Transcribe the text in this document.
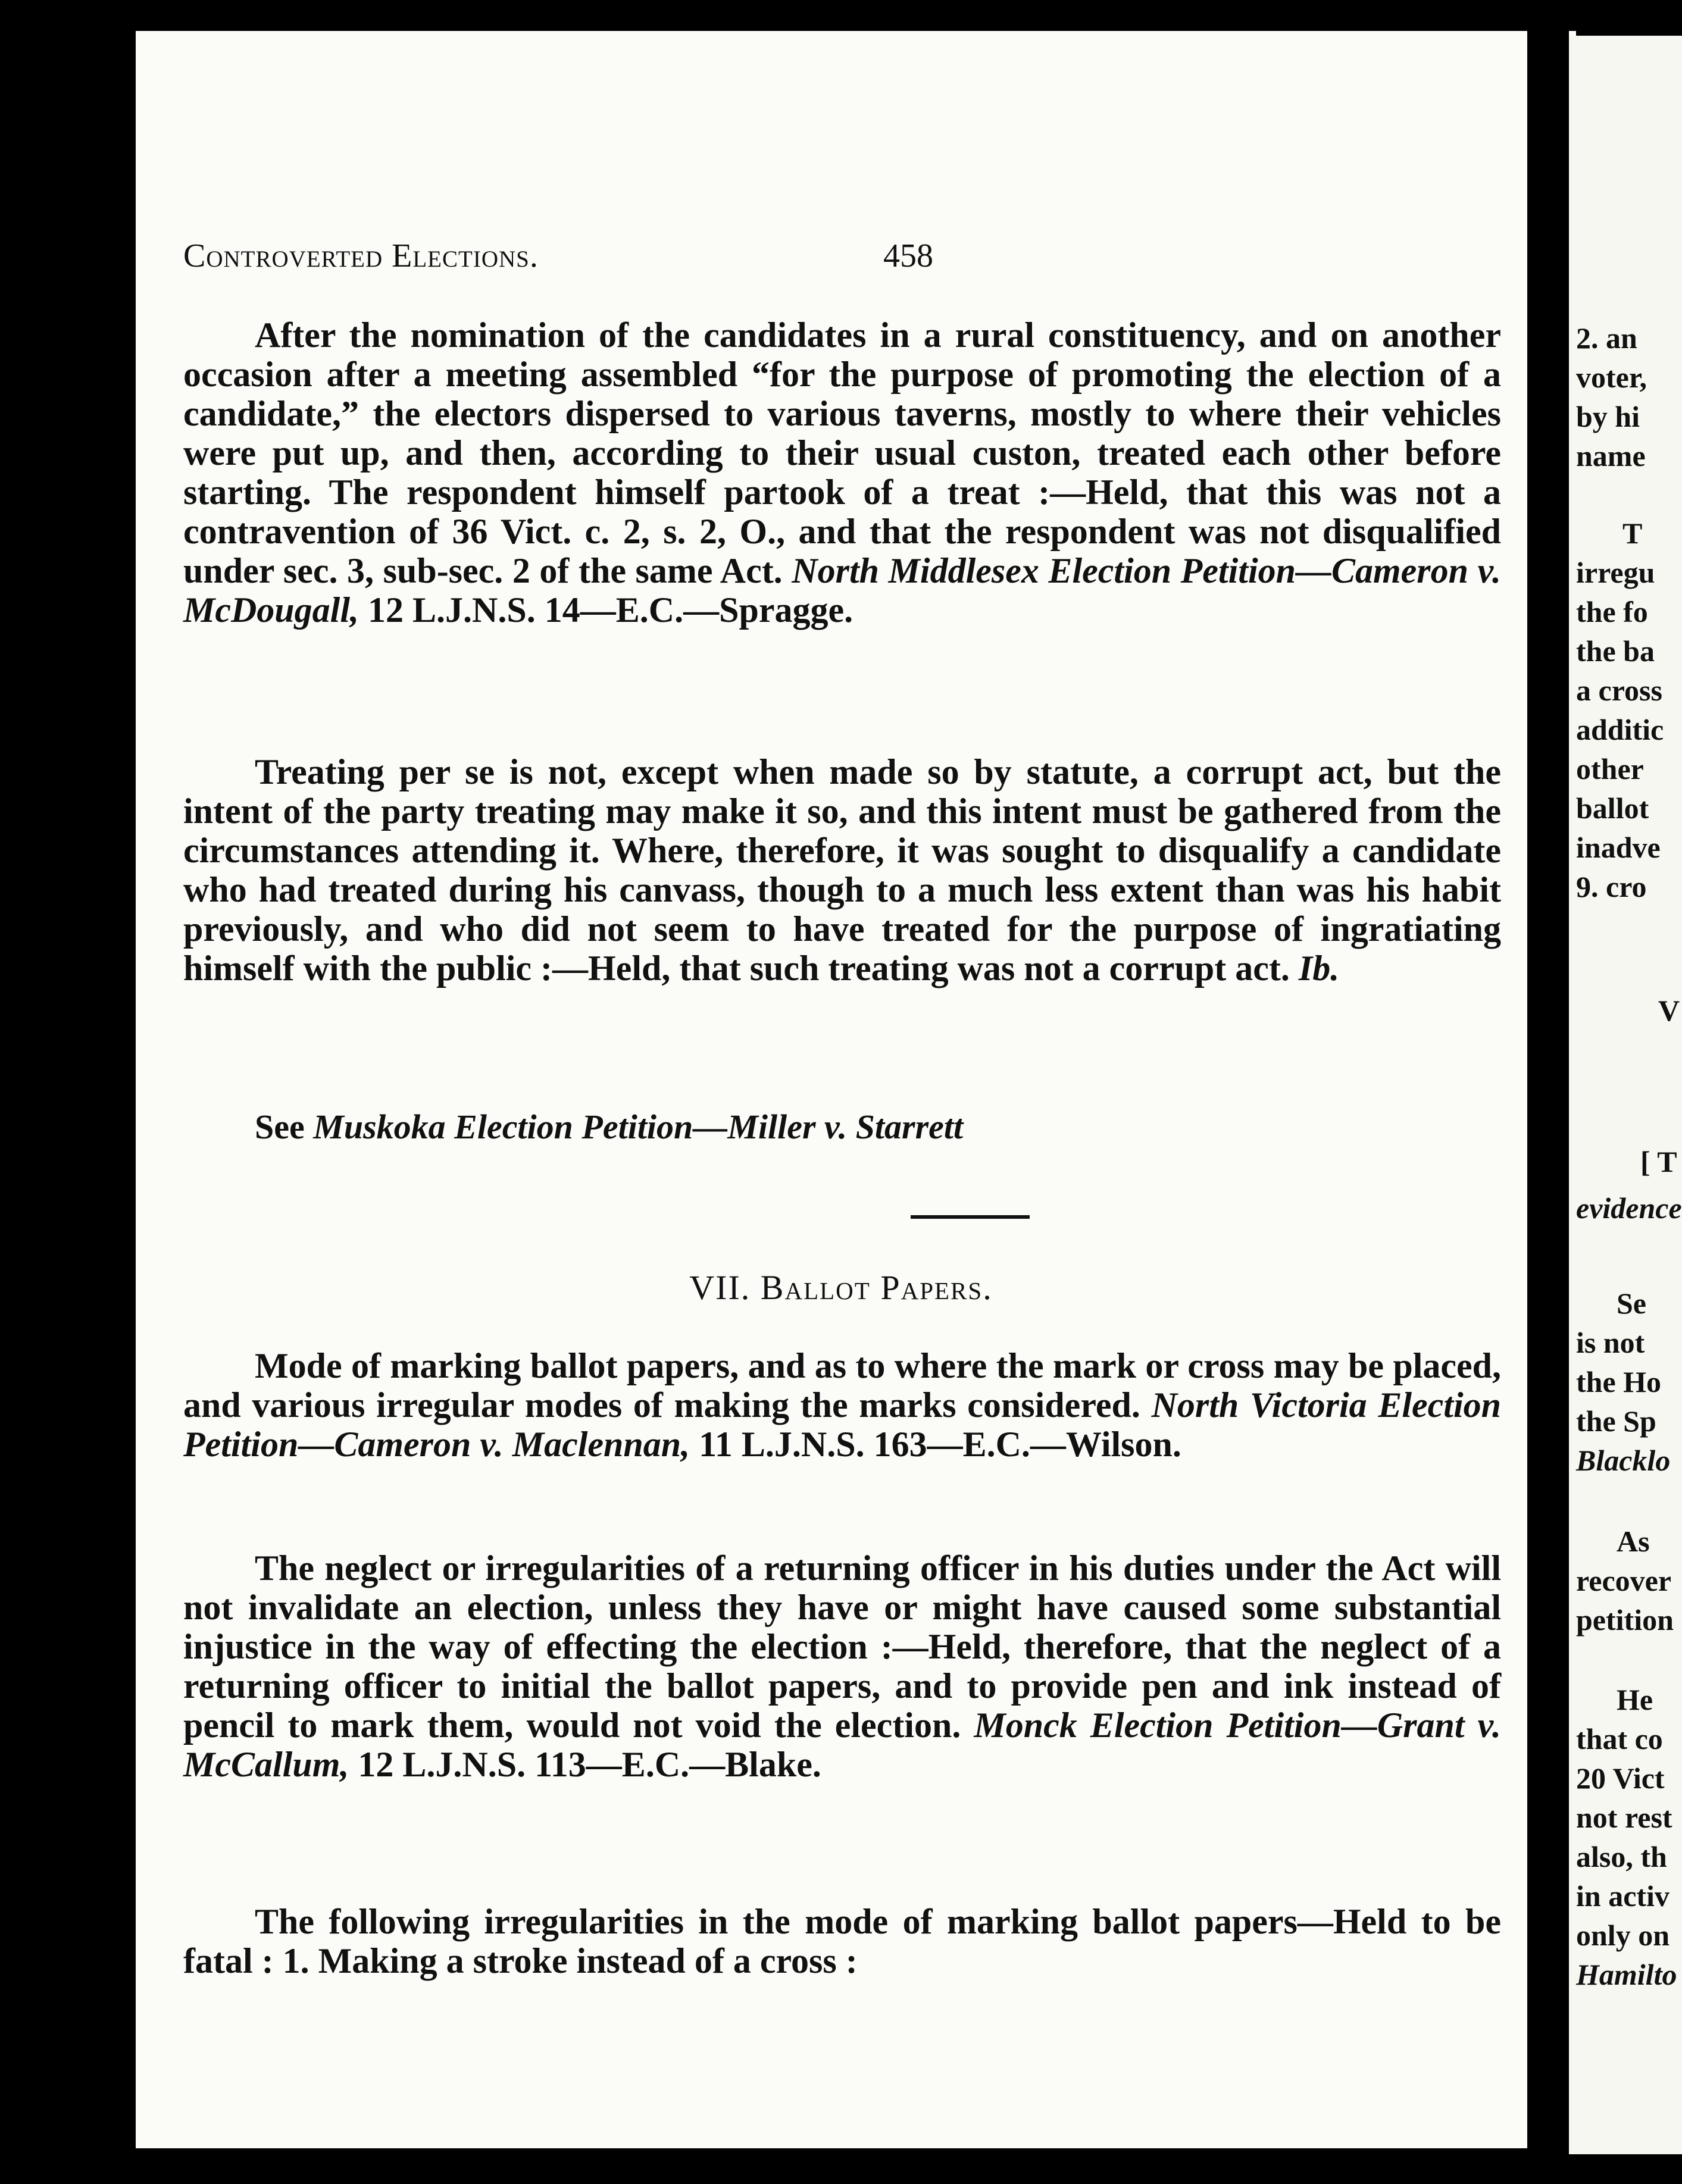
Controverted Elections.	458

After the nomination of the candidates in a rural constituency, and on another occasion after a meeting assembled “for the purpose of promoting the election of a candidate,” the electors dispersed to various taverns, mostly to where their vehicles were put up, and then, according to their usual custon, treated each other before starting. The respondent himself partook of a treat :—Held, that this was not a contravention of 36 Vict. c. 2, s. 2, O., and that the respondent was not disqualified under sec. 3, sub-sec. 2 of the same Act. North Middlesex Election Petition—Cameron v. McDougall, 12 L.J.N.S. 14—E.C.—Spragge.

Treating per se is not, except when made so by statute, a corrupt act, but the intent of the party treating may make it so, and this intent must be gathered from the circumstances attending it. Where, therefore, it was sought to disqualify a candidate who had treated during his canvass, though to a much less extent than was his habit previously, and who did not seem to have treated for the purpose of ingratiating himself with the public :—Held, that such treating was not a corrupt act. Ib.

See Muskoka Election Petition—Miller v. Starrett
VII. Ballot Papers.

Mode of marking ballot papers, and as to where the mark or cross may be placed, and various irregular modes of making the marks considered. North Victoria Election Petition—Cameron v. Maclennan, 11 L.J.N.S. 163—E.C.—Wilson.

The neglect or irregularities of a returning officer in his duties under the Act will not invalidate an election, unless they have or might have caused some substantial injustice in the way of effecting the election :—Held, therefore, that the neglect of a returning officer to initial the ballot papers, and to provide pen and ink instead of pencil to mark them, would not void the election. Monck Election Petition—Grant v. McCallum, 12 L.J.N.S. 113—E.C.—Blake.

The following irregularities in the mode of marking ballot papers—Held to be fatal : 1. Making a stroke instead of a cross :

2. an
voter,
by hi
name
T
irregu
the fo
the ba
a cross
additic
other
ballot
inadve
9. cro
V
[ T
evidence
Se
is not
the Ho
the Sp
Blacklo
As
recover
petition
He
that co
20 Vict
not rest
also, th
in activ
only on
Hamilto
